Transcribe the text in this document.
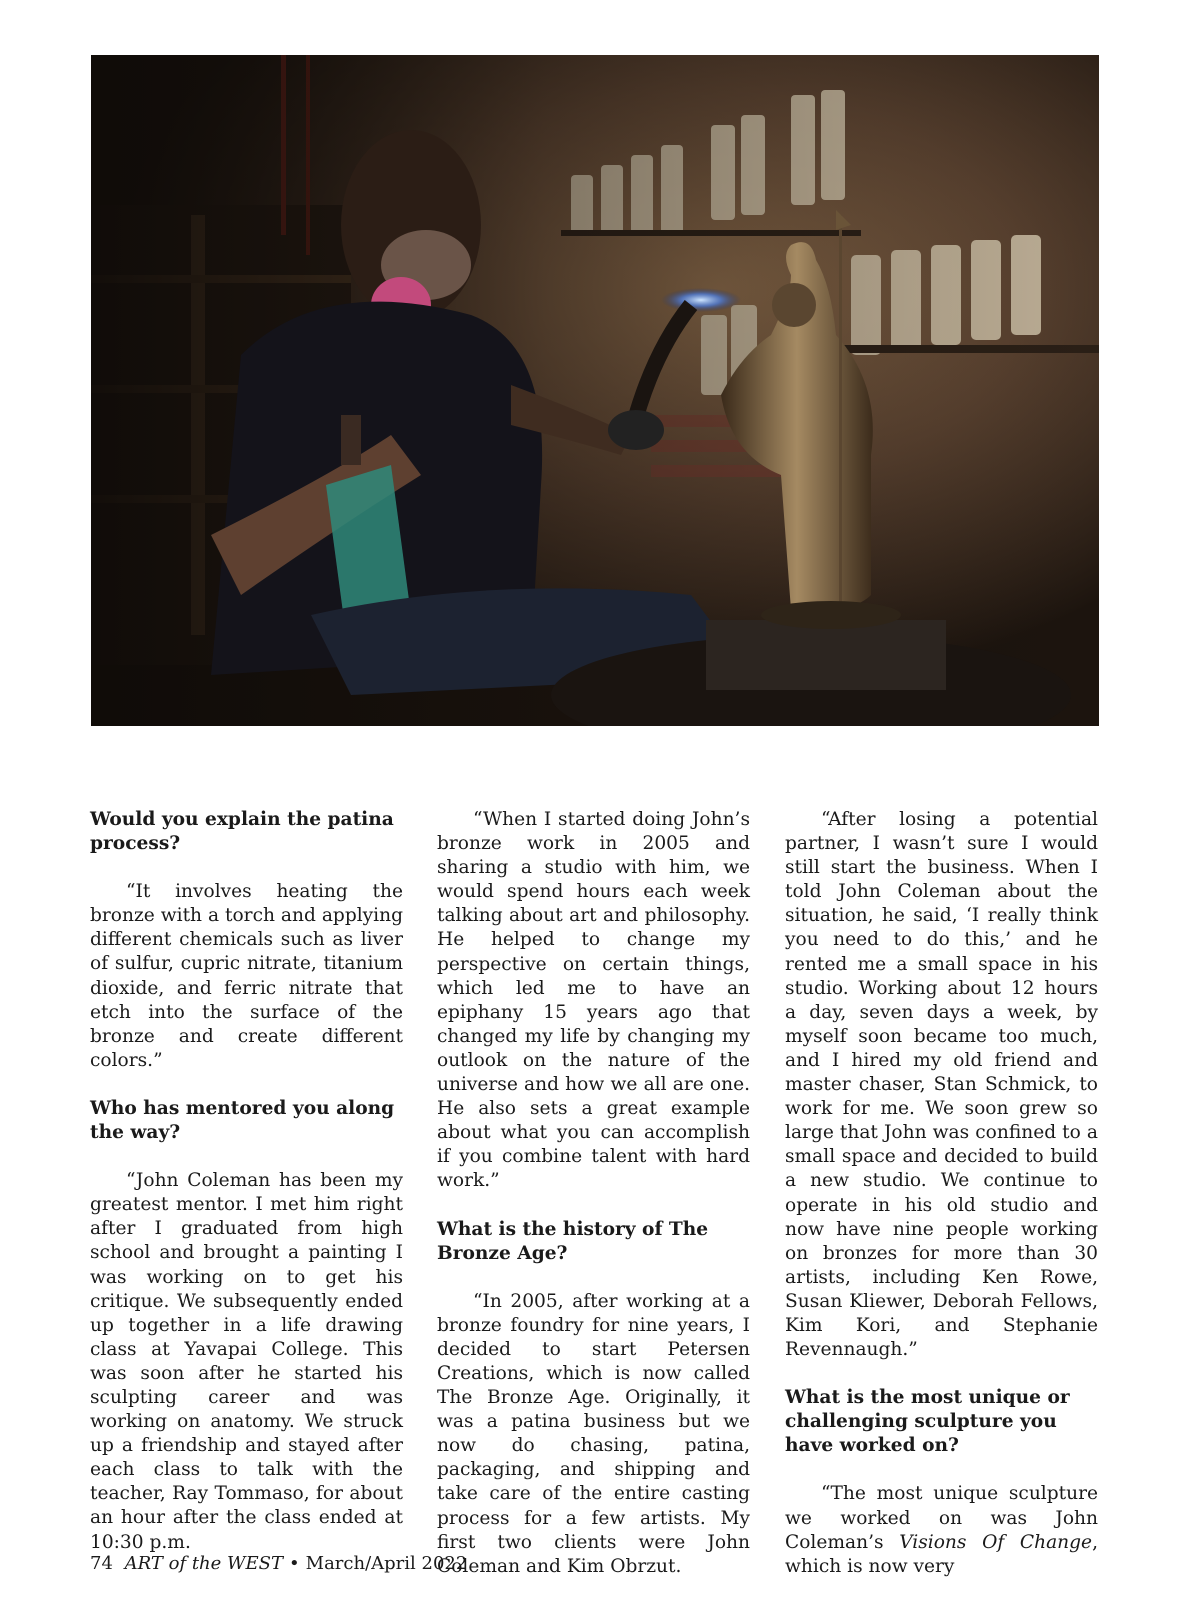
Would you explain the patina process?

“It involves heating the bronze with a torch and applying different chemicals such as liver of sulfur, cupric nitrate, titanium dioxide, and ferric nitrate that etch into the surface of the bronze and create different colors.”

Who has mentored you along the way?

“John Coleman has been my greatest mentor. I met him right after I graduated from high school and brought a painting I was working on to get his critique. We subsequently ended up together in a life drawing class at Yavapai College. This was soon after he started his sculpting career and was working on anatomy. We struck up a friendship and stayed after each class to talk with the teacher, Ray Tommaso, for about an hour after the class ended at 10:30 p.m.

“When I started doing John’s bronze work in 2005 and sharing a studio with him, we would spend hours each week talking about art and philosophy. He helped to change my perspective on certain things, which led me to have an epiphany 15 years ago that changed my life by changing my outlook on the nature of the universe and how we all are one. He also sets a great example about what you can accomplish if you combine talent with hard work.”

What is the history of The Bronze Age?

“In 2005, after working at a bronze foundry for nine years, I decided to start Petersen Creations, which is now called The Bronze Age. Originally, it was a patina business but we now do chasing, patina, packaging, and shipping and take care of the entire casting process for a few artists. My first two clients were John Coleman and Kim Obrzut.

“After losing a potential partner, I wasn’t sure I would still start the business. When I told John Coleman about the situation, he said, ‘I really think you need to do this,’ and he rented me a small space in his studio. Working about 12 hours a day, seven days a week, by myself soon became too much, and I hired my old friend and master chaser, Stan Schmick, to work for me. We soon grew so large that John was confined to a small space and decided to build a new studio. We continue to operate in his old studio and now have nine people working on bronzes for more than 30 artists, including Ken Rowe, Susan Kliewer, Deborah Fellows, Kim Kori, and Stephanie Revennaugh.”

What is the most unique or challenging sculpture you have worked on?

“The most unique sculpture we worked on was John Coleman’s Visions Of Change, which is now very

74 ART of the WEST • March/April 2022
